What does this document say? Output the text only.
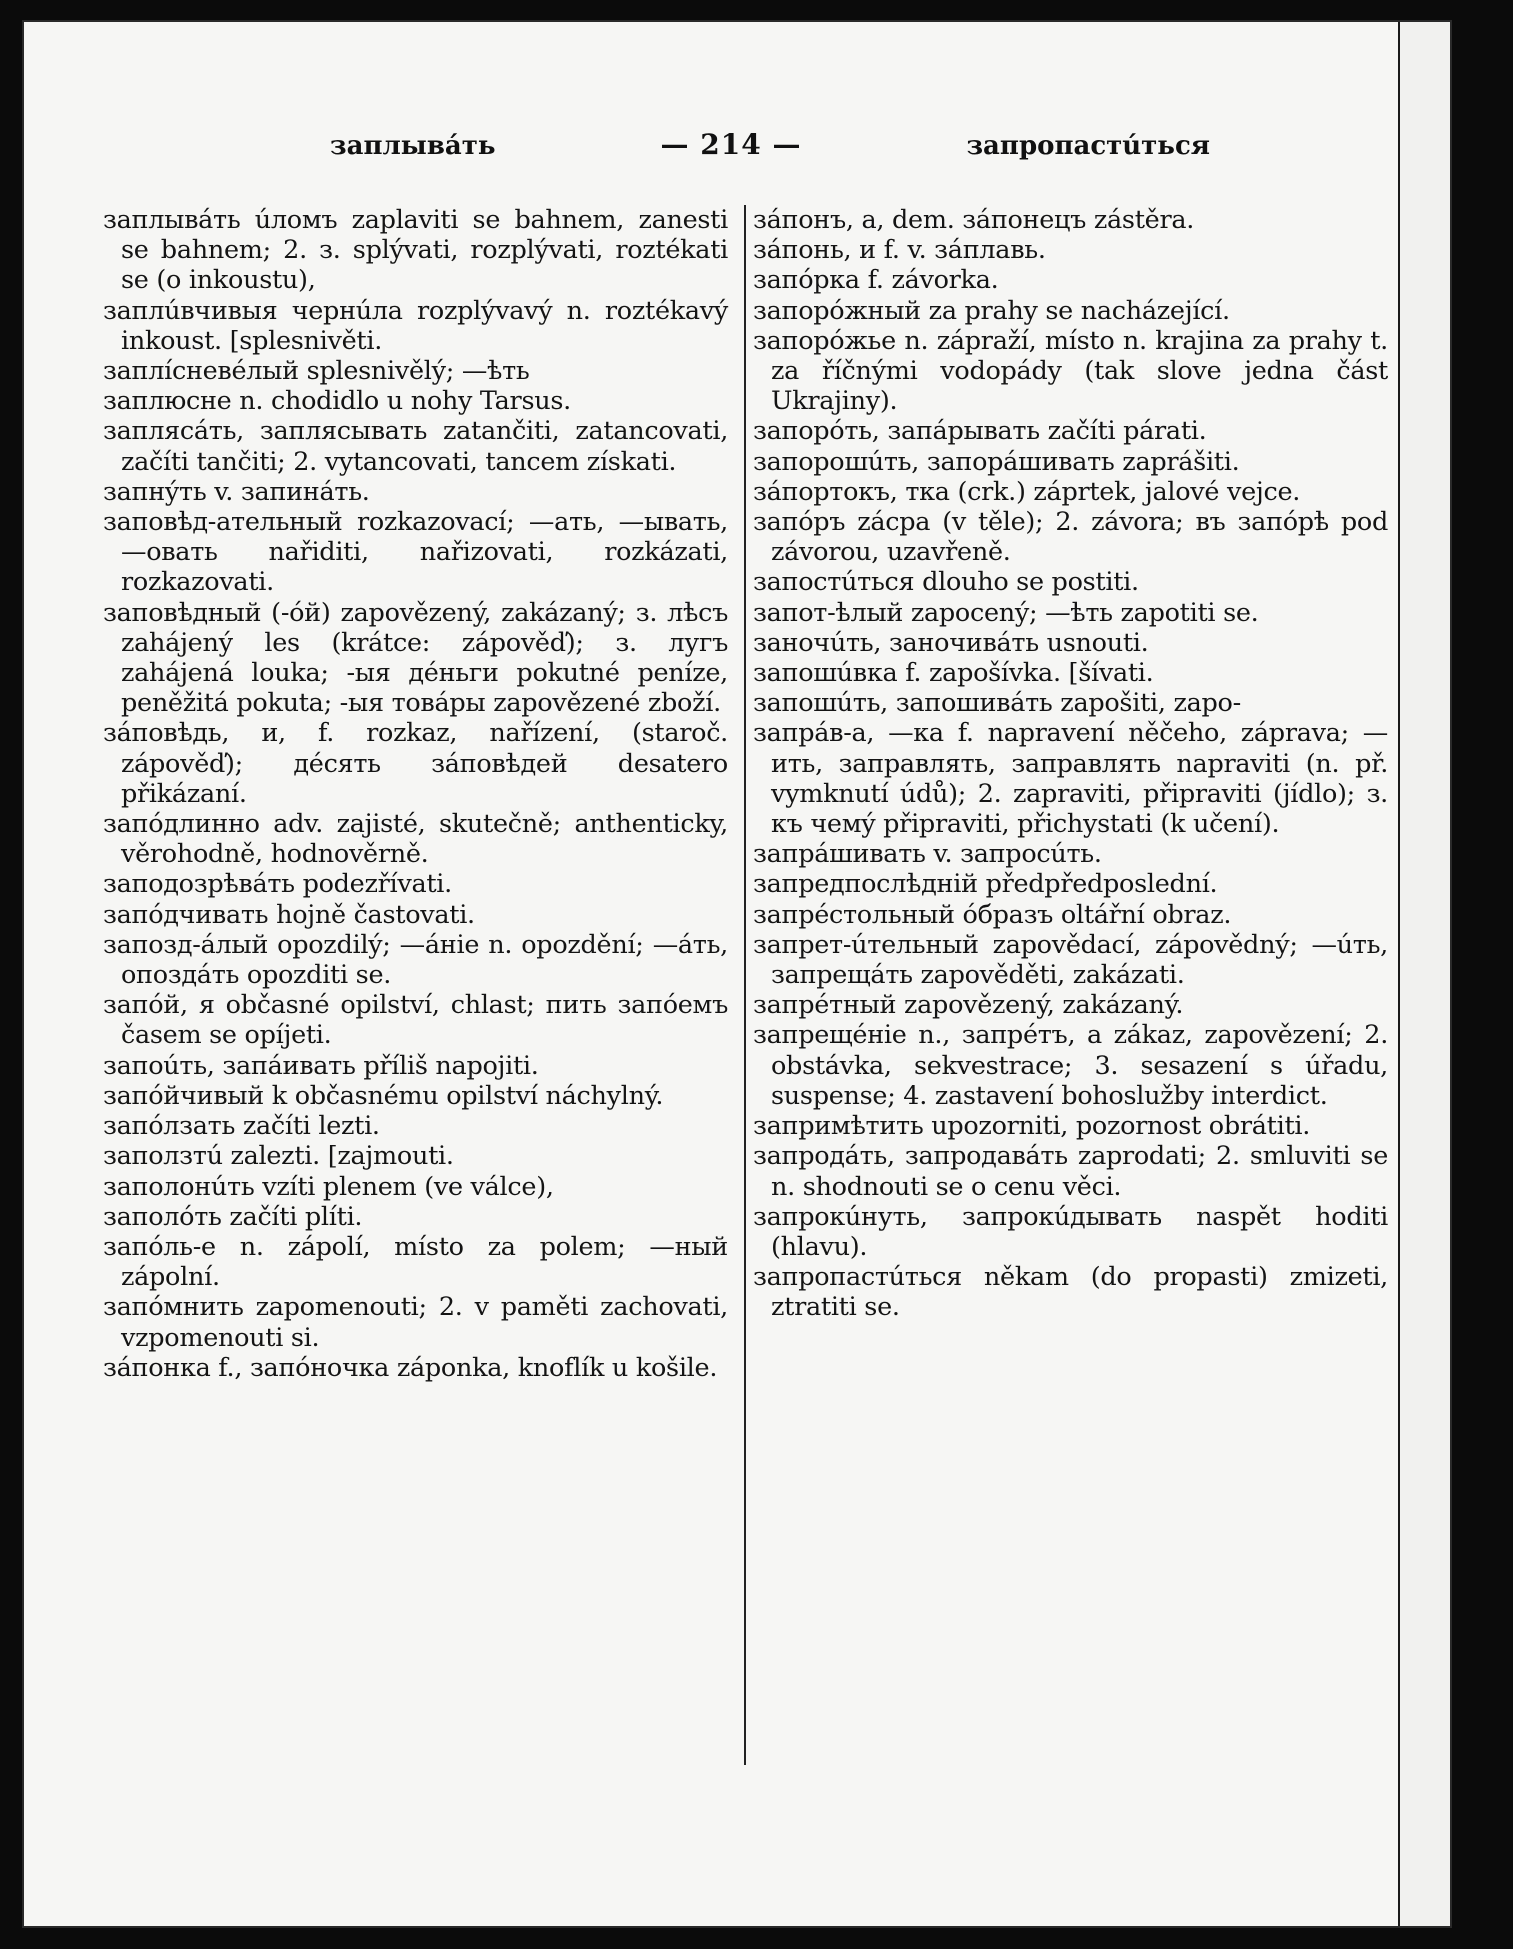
заплывáть	— 214 —	запропастúться

заплывáть úломъ zaplaviti se bahnem, zanesti se bahnem; 2. з. splývati, rozplývati, roztékati se (o inkoustu),

заплúвчивыя чернúла rozplývavý n. roztékavý inkoust. [splesnivěti.

заплíсневéлый splesnivělý; —ѣть

заплюсне n. chodidlo u nohy Tarsus.

заплясáть, заплясывать zatančiti, zatancovati, začíti tančiti; 2. vytancovati, tancem získati.

запнýть v. запинáть.

заповѣд-ательный rozkazovací; —ать, —ывать, —овать nařiditi, nařizovati, rozkázati, rozkazovati.

заповѣдный (-óй) zapovězený, zakázaný; з. лѣсъ zahájený les (krátce: zápověď); з. лугъ zahájená louka; -ыя дéньги pokutné peníze, peněžitá pokuta; -ыя товáры zapovězené zboží.

зáповѣдь, и, f. rozkaz, nařízení, (staroč. zápověď); дéсять зáповѣдей desatero přikázaní.

запóдлинно adv. zajisté, skutečně; anthenticky, věrohodně, hodnověrně.

заподозрѣвáть podezřívati.

запóдчивать hojně častovati.

запозд-áлый opozdilý; —áніе n. opozdění; —áть, опоздáть opozditi se.

запóй, я občasné opilství, chlast; пить запóемъ časem se opíjeti.

запоúть, запáивать příliš napojiti.

запóйчивый k občasnému opilství náchylný.

запóлзать začíti lezti.

заползтú zalezti. [zajmouti.

заполонúть vzíti plenem (ve válce),

заполóть začíti plíti.

запóль-е n. zápolí, místo za polem; —ный zápolní.

запóмнить zapomenouti; 2. v paměti zachovati, vzpomenouti si.

зáпонка f., запóночка záponka, knoflík u košile.

зáпонъ, а, dem. зáпонецъ zástěra.

зáпонь, и f. v. зáплавь.

запóрка f. závorka.

запорóжный za prahy se nacházející.

запорóжье n. zápraží, místo n. krajina za prahy t. za říčnými vodopády (tak slove jedna část Ukrajiny).

запорóть, запáрывать začíti párati.

запорошúть, запорáшивать zaprášiti.

зáпортокъ, тка (crk.) záprtek, jalové vejce.

запóръ zácpa (v těle); 2. závora; въ запóрѣ pod závorou, uzavřeně.

запостúться dlouho se postiti.

запот-ѣлый zapocený; —ѣть zapotiti se.

заночúть, заночивáть usnouti.

запошúвка f. zapošívka. [šívati.

запошúть, запошивáть zapošiti, zapo-

запрáв-а, —ка f. napravení něčeho, záprava; —ить, заправлять, заправлять napraviti (n. př. vymknutí údů); 2. zapraviti, připraviti (jídlo); з. къ чемý připraviti, přichystati (k učení).

запрáшивать v. запросúть.

запредпослѣдній předpředposlední.

запрéстольный óбразъ oltářní obraz.

запрет-úтельный zapovědací, zápovědný; —úть, запрещáть zapověděti, zakázati.

запрéтный zapovězený, zakázaný.

запрещéніе n., запрéтъ, а zákaz, zapovězení; 2. obstávka, sekvestrace; 3. sesazení s úřadu, suspense; 4. zastavení bohoslužby interdict.

запримѣтить upozorniti, pozornost obrátiti.

запродáть, запродавáть zaprodati; 2. smluviti se n. shodnouti se o cenu věci.

запрокúнуть, запрокúдывать naspět hoditi (hlavu).

запропастúться někam (do propasti) zmizeti, ztratiti se.
